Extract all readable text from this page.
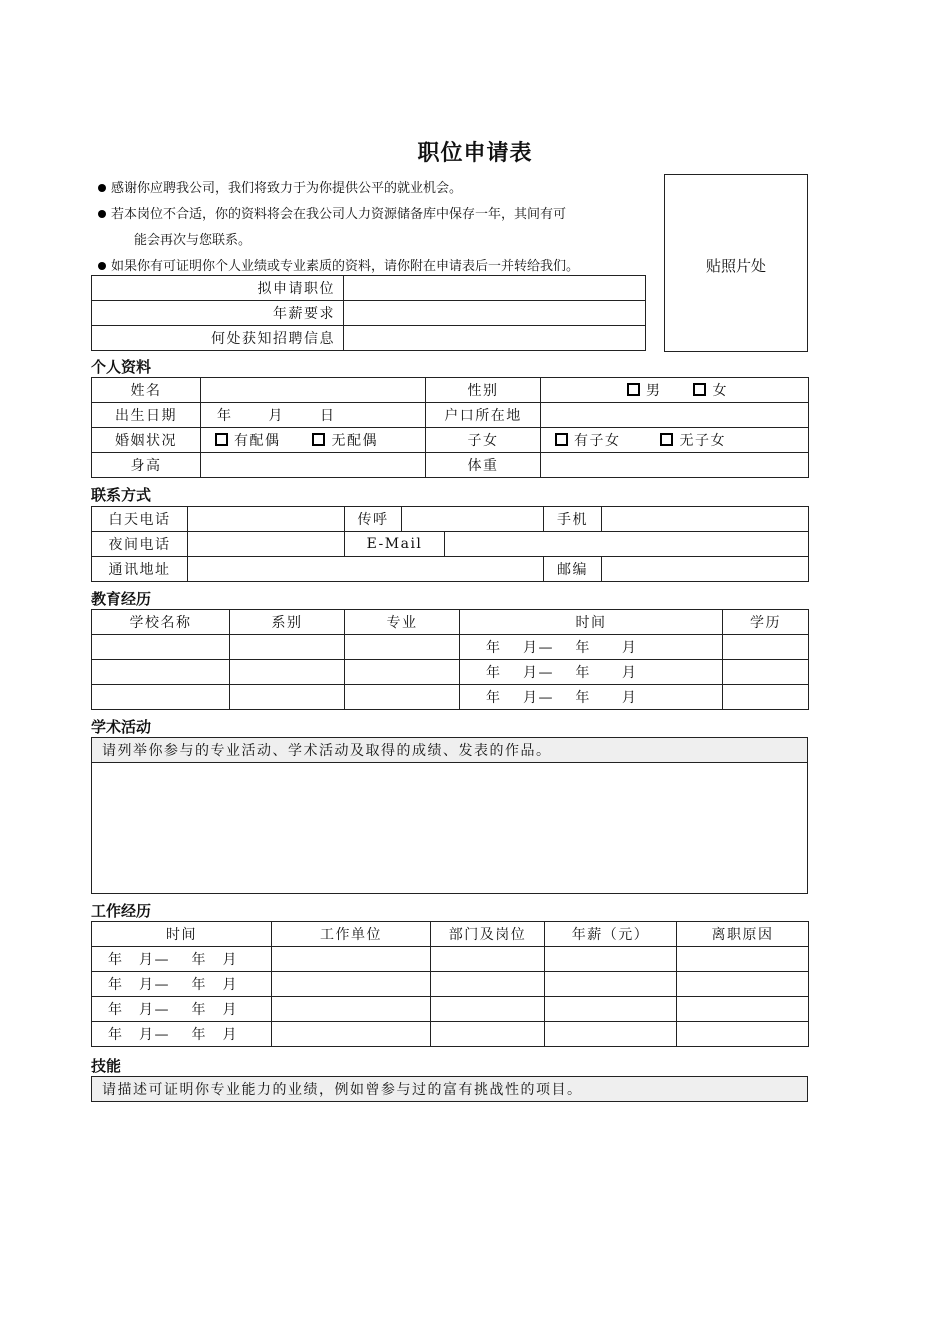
职位申请表
感谢你应聘我公司，我们将致力于为你提供公平的就业机会。
若本岗位不合适，你的资料将会在我公司人力资源储备库中保存一年，其间有可
能会再次与您联系。
如果你有可证明你个人业绩或专业素质的资料，请你附在申请表后一并转给我们。	贴照片处
拟申请职位	
年薪要求	
何处获知招聘信息	
个人资料
姓名		性别	男 女
出生日期	年 月 日	户口所在地	
婚姻状况	有配偶 无配偶	子女	有子女 无子女
身高		体重	
联系方式
白天电话		传呼			手机	
夜间电话		E-Mail				
通讯地址					邮编	
教育经历
学校名称	系别	专业	时间	学历
			年　 月—　 年　　月	
			年　 月—　 年　　月	
			年　 月—　 年　　月	
学术活动
请列举你参与的专业活动、学术活动及取得的成绩、发表的作品。

工作经历
时间	工作单位	部门及岗位	年薪（元）	离职原因
年　月—　 年　月				
年　月—　 年　月				
年　月—　 年　月				
年　月—　 年　月				
技能
请描述可证明你专业能力的业绩，例如曾参与过的富有挑战性的项目。
